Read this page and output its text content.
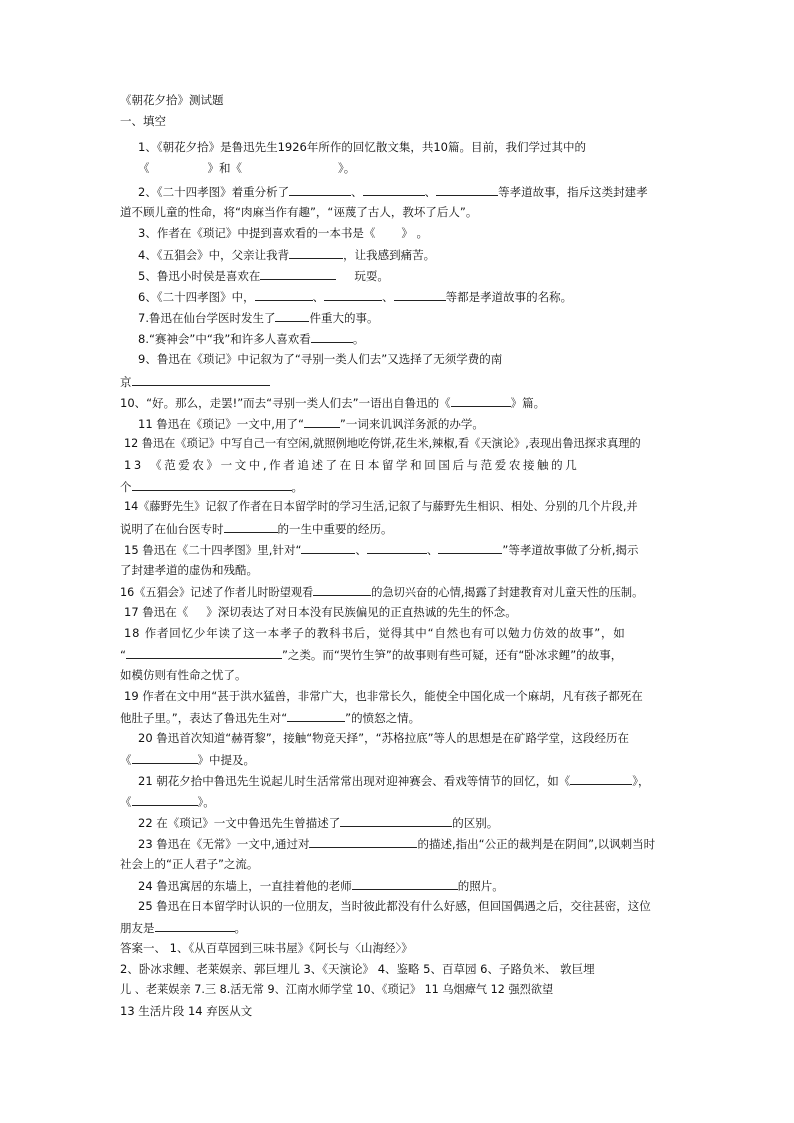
《朝花夕拾》测试题
一、填空
1、《朝花夕拾》是鲁迅先生1926年所作的回忆散文集，共10篇。目前，我们学过其中的
《	》和《	》。
2、《二十四孝图》着重分析了	、	、	等孝道故事，指斥这类封建孝
道不顾儿童的性命，将“肉麻当作有趣”，“诬蔑了古人，教坏了后人”。
3、作者在《琐记》中提到喜欢看的一本书是《 》 。
4、《五猖会》中，父亲让我背	，让我感到痛苦。
5、鲁迅小时侯是喜欢在	玩耍。
6、《二十四孝图》中，	、	、	等都是孝道故事的名称。
7.鲁迅在仙台学医时发生了	件重大的事。
8.“赛神会”中“我”和许多人喜欢看	。
9、鲁迅在《琐记》中记叙为了“寻别一类人们去”又选择了无须学费的南
京
10、“好。那么，走罢!”而去“寻别一类人们去”一语出自鲁迅的《	》篇。
11 鲁迅在《琐记》一文中,用了“	”一词来讥讽洋务派的办学。
12 鲁迅在《琐记》中写自己一有空闲,就照例地吃侉饼,花生米,辣椒,看《天演论》,表现出鲁迅探求真理的
13 《范爱农》一文中,作者追述了在日本留学和回国后与范爱农接触的几
个	。
14《藤野先生》记叙了作者在日本留学时的学习生活,记叙了与藤野先生相识、相处、分别的几个片段,并
说明了在仙台医专时	的一生中重要的经历。
15 鲁迅在《二十四孝图》里,针对“	、	、	”等孝道故事做了分析,揭示
了封建孝道的虚伪和残酷。
16《五猖会》记述了作者儿时盼望观看	的急切兴奋的心情,揭露了封建教育对儿童天性的压制。
17 鲁迅在《 》深切表达了对日本没有民族偏见的正直热诚的先生的怀念。
18 作者回忆少年读了这一本孝子的教科书后，觉得其中“自然也有可以勉力仿效的故事”，如
“	”之类。而“哭竹生笋”的故事则有些可疑，还有“卧冰求鲤”的故事，
如模仿则有性命之忧了。
19 作者在文中用“甚于洪水猛兽，非常广大，也非常长久，能使全中国化成一个麻胡，凡有孩子都死在
他肚子里。”，表达了鲁迅先生对“	”的愤怒之情。
20 鲁迅首次知道“赫胥黎”，接触“物竞天择”，“苏格拉底”等人的思想是在矿路学堂，这段经历在
《	》中提及。
21 朝花夕拾中鲁迅先生说起儿时生活常常出现对迎神赛会、看戏等情节的回忆，如《	》，
《	》。
22 在《琐记》一文中鲁迅先生曾描述了	的区别。
23 鲁迅在《无常》一文中,通过对	的描述,指出“公正的裁判是在阴间”,以讽刺当时
社会上的“正人君子”之流。
24 鲁迅寓居的东墙上，一直挂着他的老师	的照片。
25 鲁迅在日本留学时认识的一位朋友，当时彼此都没有什么好感，但回国偶遇之后，交往甚密，这位
朋友是	。
答案一、 1、《从百草园到三味书屋》《阿长与〈山海经〉》
2、卧冰求鲤、老莱娱亲、郭巨埋儿 3、《天演论》 4、鉴略 5、百草园 6、子路负米、 敦巨埋
儿 、老莱娱亲 7.三 8.活无常 9、江南水师学堂 10、《琐记》 11 乌烟瘴气 12 强烈欲望
13 生活片段 14 弃医从文
